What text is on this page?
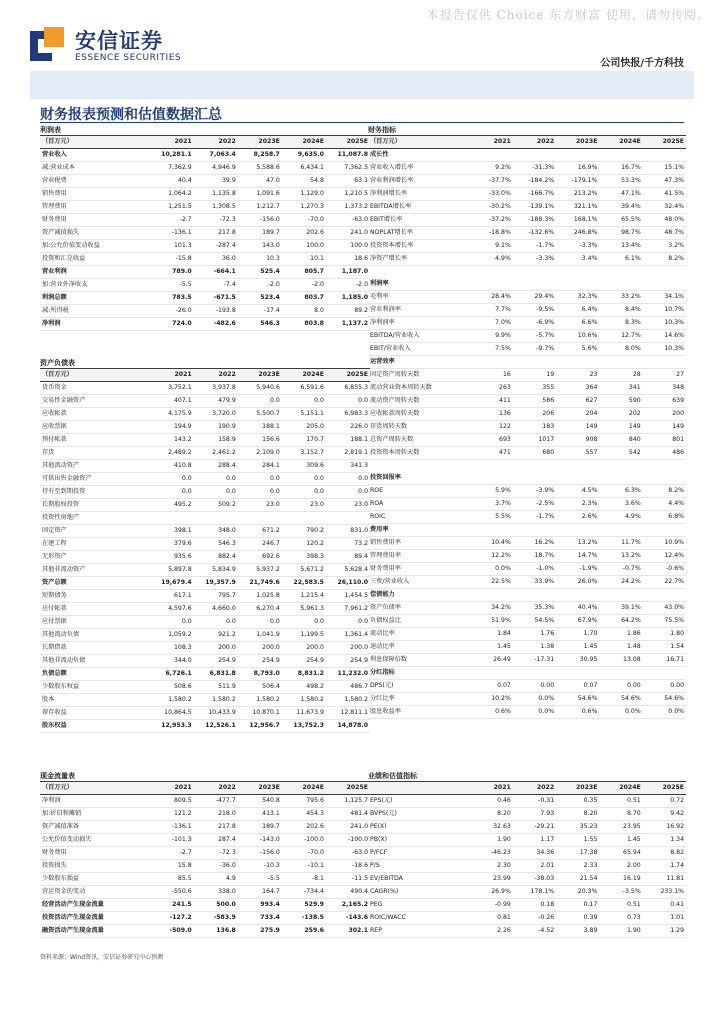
本报告仅供 Choice 东方财富 使用，请勿传阅。
安信证券
ESSENCE SECURITIES	公司快报/千方科技
财务报表预测和估值数据汇总
利润表
（百万元）	2021	2022	2023E	2024E	2025E
营业收入	10,281.1	7,063.4	8,258.7	9,635.0	11,087.8
减:营业成本	7,362.9	4,946.9	5,588.6	6,434.1	7,362.5
营业税费	40.4	39.9	47.0	54.8	63.1
销售费用	1,064.2	1,135.8	1,091.6	1,129.0	1,210.5
管理费用	1,251.5	1,308.5	1,212.7	1,270.3	1,373.2
财务费用	-2.7	-72.3	-156.0	-70.0	-63.0
资产减值损失	-136.1	217.8	189.7	202.6	241.0
加:公允价值变动收益	101.3	-287.4	143.0	100.0	100.0
投资和汇兑收益	-15.8	36.0	10.3	10.1	18.6
营业利润	789.0	-664.1	525.4	805.7	1,187.0
加:营业外净收支	-5.5	-7.4	-2.0	-2.0	-2.0
利润总额	783.5	-671.5	523.4	803.7	1,185.0
减:所得税	-26.0	-193.8	-17.4	8.0	89.2
净利润	724.0	-482.6	546.3	803.8	1,137.2
财务指标
（百万元）	2021	2022	2023E	2024E	2025E
成长性
营业收入增长率	9.2%	-31.3%	16.9%	16.7%	15.1%
营业利润增长率	-37.7%	-184.2%	-179.1%	53.3%	47.3%
净利润增长率	-33.0%	-166.7%	213.2%	47.1%	41.5%
EBITDA增长率	-30.2%	-139.1%	321.1%	39.4%	32.4%
EBIT增长率	-37.2%	-188.3%	168.1%	65.5%	48.0%
NOPLAT增长率	-18.8%	-132.6%	246.8%	98.7%	48.7%
投资资本增长率	9.1%	-1.7%	-3.3%	13.4%	3.2%
净资产增长率	4.9%	-3.3%	3.4%	6.1%	8.2%
利润率
毛利率	28.4%	29.4%	32.3%	33.2%	34.1%
营业利润率	7.7%	-9.5%	6.4%	8.4%	10.7%
净利润率	7.0%	-6.9%	6.6%	8.3%	10.3%
EBITDA/营业收入	9.9%	-5.7%	10.6%	12.7%	14.6%
EBIT/营业收入	7.5%	-9.7%	5.6%	8.0%	10.3%
运营效率
固定资产周转天数	16	19	23	28	27
流动营业资本周转天数	263	355	364	341	348
流动资产周转天数	411	586	627	590	639
应收帐款周转天数	136	206	204	202	200
存货周转天数	122	183	149	149	149
总资产周转天数	693	1017	908	840	801
投资资本周转天数	471	680	557	542	486
投资回报率
ROE	5.9%	-3.9%	4.5%	6.3%	8.2%
ROA	3.7%	-2.5%	2.3%	3.6%	4.4%
ROIC	5.5%	-1.7%	2.6%	4.9%	6.8%
费用率
销售费用率	10.4%	16.2%	13.2%	11.7%	10.9%
管理费用率	12.2%	18.7%	14.7%	13.2%	12.4%
财务费用率	0.0%	-1.0%	-1.9%	-0.7%	-0.6%
三费/营业收入	22.5%	33.9%	26.0%	24.2%	22.7%
偿债能力
资产负债率	34.2%	35.3%	40.4%	39.1%	43.0%
负债权益比	51.9%	54.5%	67.9%	64.2%	75.5%
流动比率	1.84	1.76	1.70	1.86	1.80
速动比率	1.45	1.38	1.45	1.48	1.54
利息保障倍数	26.49	-17.31	30.95	13.08	16.71
分红指标
DPS(元)	0.07	0.00	0.07	0.00	0.00
分红比率	10.2%	0.0%	54.6%	54.6%	54.6%
股息收益率	0.6%	0.0%	0.6%	0.0%	0.0%
资产负债表
（百万元）	2021	2022	2023E	2024E	2025E
货币资金	3,752.1	3,937.8	5,940.6	6,591.6	6,855.3
交易性金融资产	407.1	479.9	0.0	0.0	0.0
应收帐款	4,175.9	3,720.0	5,500.7	5,151.1	6,983.3
应收票据	194.9	190.9	188.1	205.0	226.0
预付帐款	143.2	158.9	156.6	170.7	188.1
存货	2,489.2	2,461.2	2,109.0	3,152.7	2,819.1
其他流动资产	410.8	288.4	284.1	309.6	341.3
可供出售金融资产	0.0	0.0	0.0	0.0	0.0
持有至到期投资	0.0	0.0	0.0	0.0	0.0
长期股权投资	495.2	509.2	23.0	23.0	23.0
投资性房地产
固定资产	398.1	348.0	671.2	790.2	831.0
在建工程	379.6	546.3	246.7	120.2	73.2
无形资产	935.6	882.4	692.6	398.3	89.4
其他非流动资产	5,897.8	5,834.9	5,937.2	5,671.2	5,628.4
资产总额	19,679.4	19,357.9	21,749.6	22,583.5	26,110.0
短期债务	617.1	795.7	1,025.8	1,215.4	1,454.5
应付帐款	4,597.6	4,660.0	6,270.4	5,961.3	7,961.2
应付票据	0.0	0.0	0.0	0.0	0.0
其他流动负债	1,059.2	921.2	1,041.9	1,199.5	1,361.4
长期借款	108.3	200.0	200.0	200.0	200.0
其他非流动负债	344.0	254.9	254.9	254.9	254.9
负债总额	6,726.1	6,831.8	8,793.0	8,831.2	11,232.0
少数股东权益	508.6	511.9	506.4	498.2	486.7
股本	1,580.2	1,580.2	1,580.2	1,580.2	1,580.2
留存收益	10,864.5	10,433.9	10,870.1	11,673.9	12,811.1
股东权益	12,953.3	12,526.1	12,956.7	13,752.3	14,878.0
现金流量表
（百万元）	2021	2022	2023E	2024E	2025E
净利润	809.5	-477.7	540.8	795.6	1,125.7
加:折旧和摊销	121.2	218.0	413.1	454.3	481.4
资产减值准备	-136.1	217.8	189.7	202.6	241.0
公允价值变动损失	-101.3	287.4	-143.0	-100.0	-100.0
财务费用	-2.7	-72.3	-156.0	-70.0	-63.0
投资损失	15.8	-36.0	-10.3	-10.1	-18.6
少数股东损益	85.5	4.9	-5.5	-8.1	-11.5
营运资金的变动	-550.6	338.0	164.7	-734.4	490.4
经营活动产生现金流量	241.5	500.0	993.4	529.9	2,165.2
投资活动产生现金流量	-127.2	-583.9	733.4	-138.5	-143.6
融资活动产生现金流量	-509.0	136.8	275.9	259.6	302.1
业绩和估值指标
2021	2022	2023E	2024E	2025E
EPS(元)	0.46	-0.31	0.35	0.51	0.72
BVPS(元)	8.20	7.93	8.20	8.70	9.42
PE(X)	32.63	-29.21	35.23	23.95	16.92
PB(X)	1.90	1.17	1.55	1.45	1.34
P/FCF	-46.23	34.36	17.38	65.94	8.82
P/S	2.30	2.01	2.33	2.00	1.74
EV/EBITDA	23.99	-38.03	21.54	16.19	11.81
CAGR(%)	26.9%	178.1%	20.3%	-3.5%	233.1%
PEG	-0.99	0.18	0.17	0.51	0.41
ROIC/WACC	0.81	-0.26	0.39	0.73	1.01
REP	2.26	-4.52	3.89	1.90	1.29
资料来源：Wind资讯，安信证券研究中心预测
